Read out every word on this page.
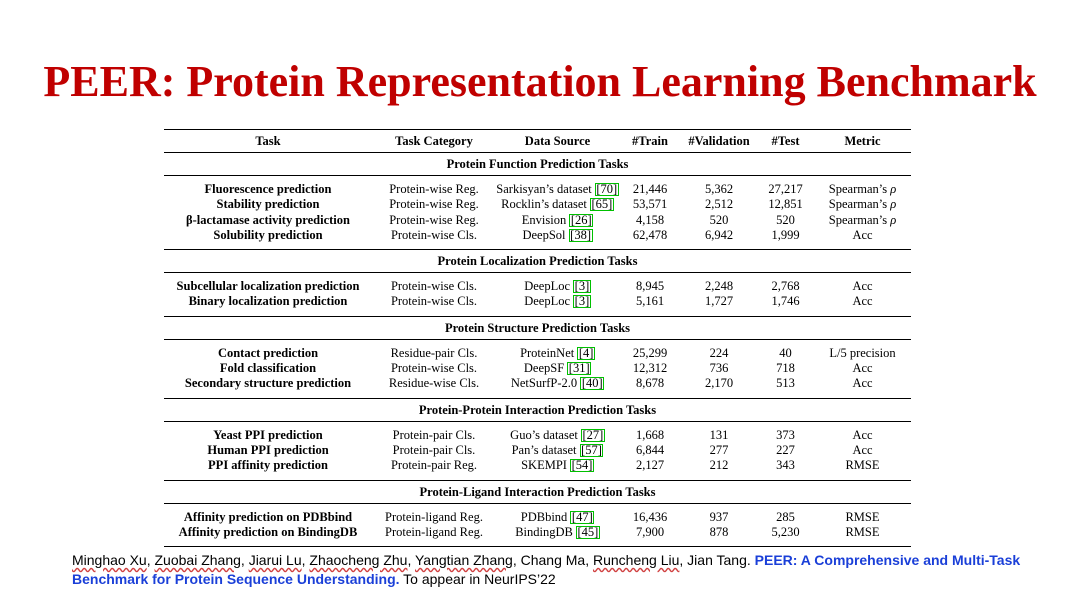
PEER: Protein Representation Learning Benchmark
Task	Task Category	Data Source	#Train	#Validation	#Test	Metric
Protein Function Prediction Tasks						

Fluorescence prediction	Protein-wise Reg.	Sarkisyan’s dataset [70]	21,446	5,362	27,217	Spearman’s ρ
Stability prediction	Protein-wise Reg.	Rocklin’s dataset [65]	53,571	2,512	12,851	Spearman’s ρ
β-lactamase activity prediction	Protein-wise Reg.	Envision [26]	4,158	520	520	Spearman’s ρ
Solubility prediction	Protein-wise Cls.	DeepSol [38]	62,478	6,942	1,999	Acc

Protein Localization Prediction Tasks						

Subcellular localization prediction	Protein-wise Cls.	DeepLoc [3]	8,945	2,248	2,768	Acc
Binary localization prediction	Protein-wise Cls.	DeepLoc [3]	5,161	1,727	1,746	Acc

Protein Structure Prediction Tasks						

Contact prediction	Residue-pair Cls.	ProteinNet [4]	25,299	224	40	L/5 precision
Fold classification	Protein-wise Cls.	DeepSF [31]	12,312	736	718	Acc
Secondary structure prediction	Residue-wise Cls.	NetSurfP-2.0 [40]	8,678	2,170	513	Acc

Protein-Protein Interaction Prediction Tasks						

Yeast PPI prediction	Protein-pair Cls.	Guo’s dataset [27]	1,668	131	373	Acc
Human PPI prediction	Protein-pair Cls.	Pan’s dataset [57]	6,844	277	227	Acc
PPI affinity prediction	Protein-pair Reg.	SKEMPI [54]	2,127	212	343	RMSE

Protein-Ligand Interaction Prediction Tasks						

Affinity prediction on PDBbind	Protein-ligand Reg.	PDBbind [47]	16,436	937	285	RMSE
Affinity prediction on BindingDB	Protein-ligand Reg.	BindingDB [45]	7,900	878	5,230	RMSE

Minghao Xu, Zuobai Zhang, Jiarui Lu, Zhaocheng Zhu, Yangtian Zhang, Chang Ma, Runcheng Liu, Jian Tang. PEER: A Comprehensive and Multi-Task Benchmark for Protein Sequence Understanding. To appear in NeurIPS’22
